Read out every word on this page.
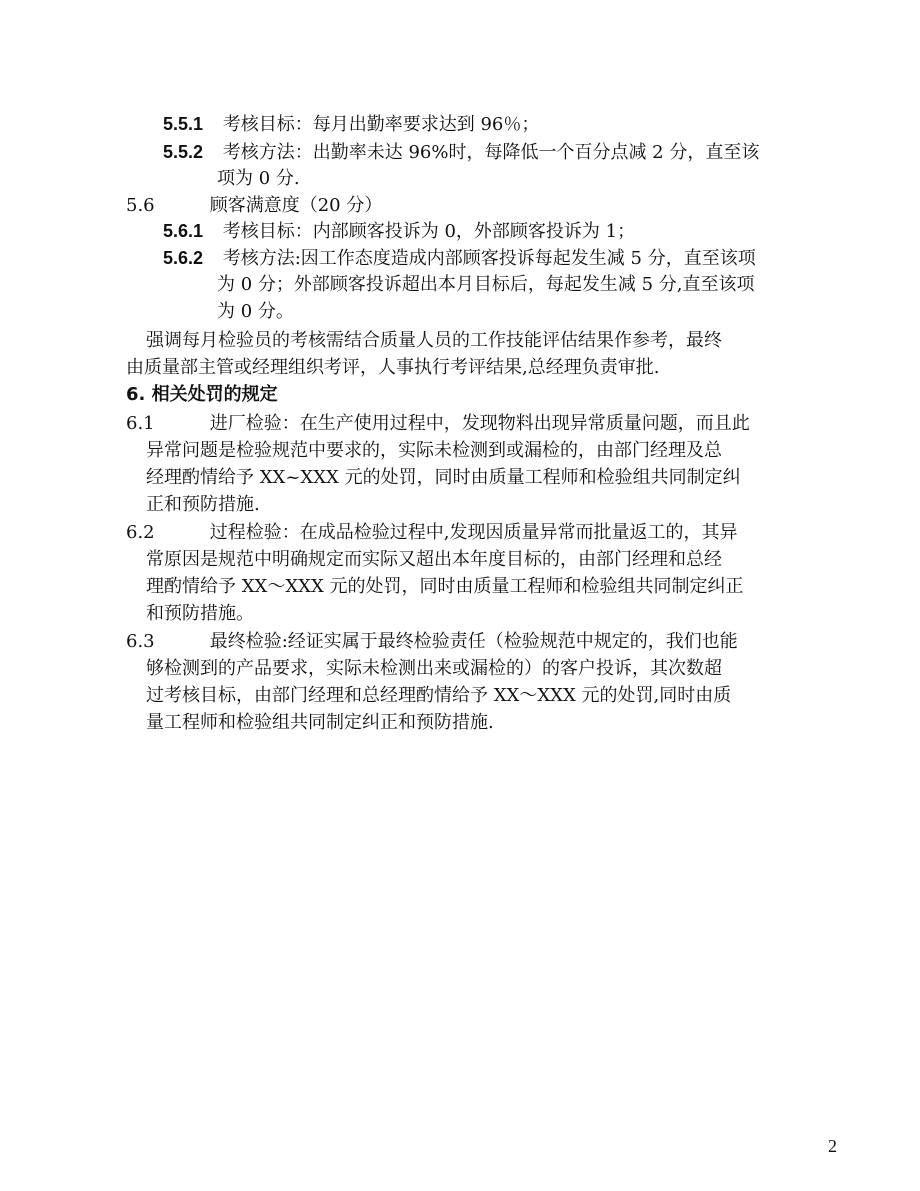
5.5.1 考核目标：每月出勤率要求达到 96％；
5.5.2 考核方法：出勤率未达 96%时，每降低一个百分点减 2 分，直至该
项为 0 分.
5.6	顾客满意度（20 分）
5.6.1 考核目标：内部顾客投诉为 0，外部顾客投诉为 1；
5.6.2 考核方法:因工作态度造成内部顾客投诉每起发生减 5 分，直至该项
为 0 分；外部顾客投诉超出本月目标后，每起发生减 5 分,直至该项
为 0 分。
强调每月检验员的考核需结合质量人员的工作技能评估结果作参考，最终
由质量部主管或经理组织考评，人事执行考评结果,总经理负责审批.
6. 相关处罚的规定
6.1	进厂检验：在生产使用过程中，发现物料出现异常质量问题，而且此
异常问题是检验规范中要求的，实际未检测到或漏检的，由部门经理及总
经理酌情给予 XX~XXX 元的处罚，同时由质量工程师和检验组共同制定纠
正和预防措施.
6.2	过程检验：在成品检验过程中,发现因质量异常而批量返工的，其异
常原因是规范中明确规定而实际又超出本年度目标的，由部门经理和总经
理酌情给予 XX～XXX 元的处罚，同时由质量工程师和检验组共同制定纠正
和预防措施。
6.3	最终检验:经证实属于最终检验责任（检验规范中规定的，我们也能
够检测到的产品要求，实际未检测出来或漏检的）的客户投诉，其次数超
过考核目标，由部门经理和总经理酌情给予 XX～XXX 元的处罚,同时由质
量工程师和检验组共同制定纠正和预防措施.
2
